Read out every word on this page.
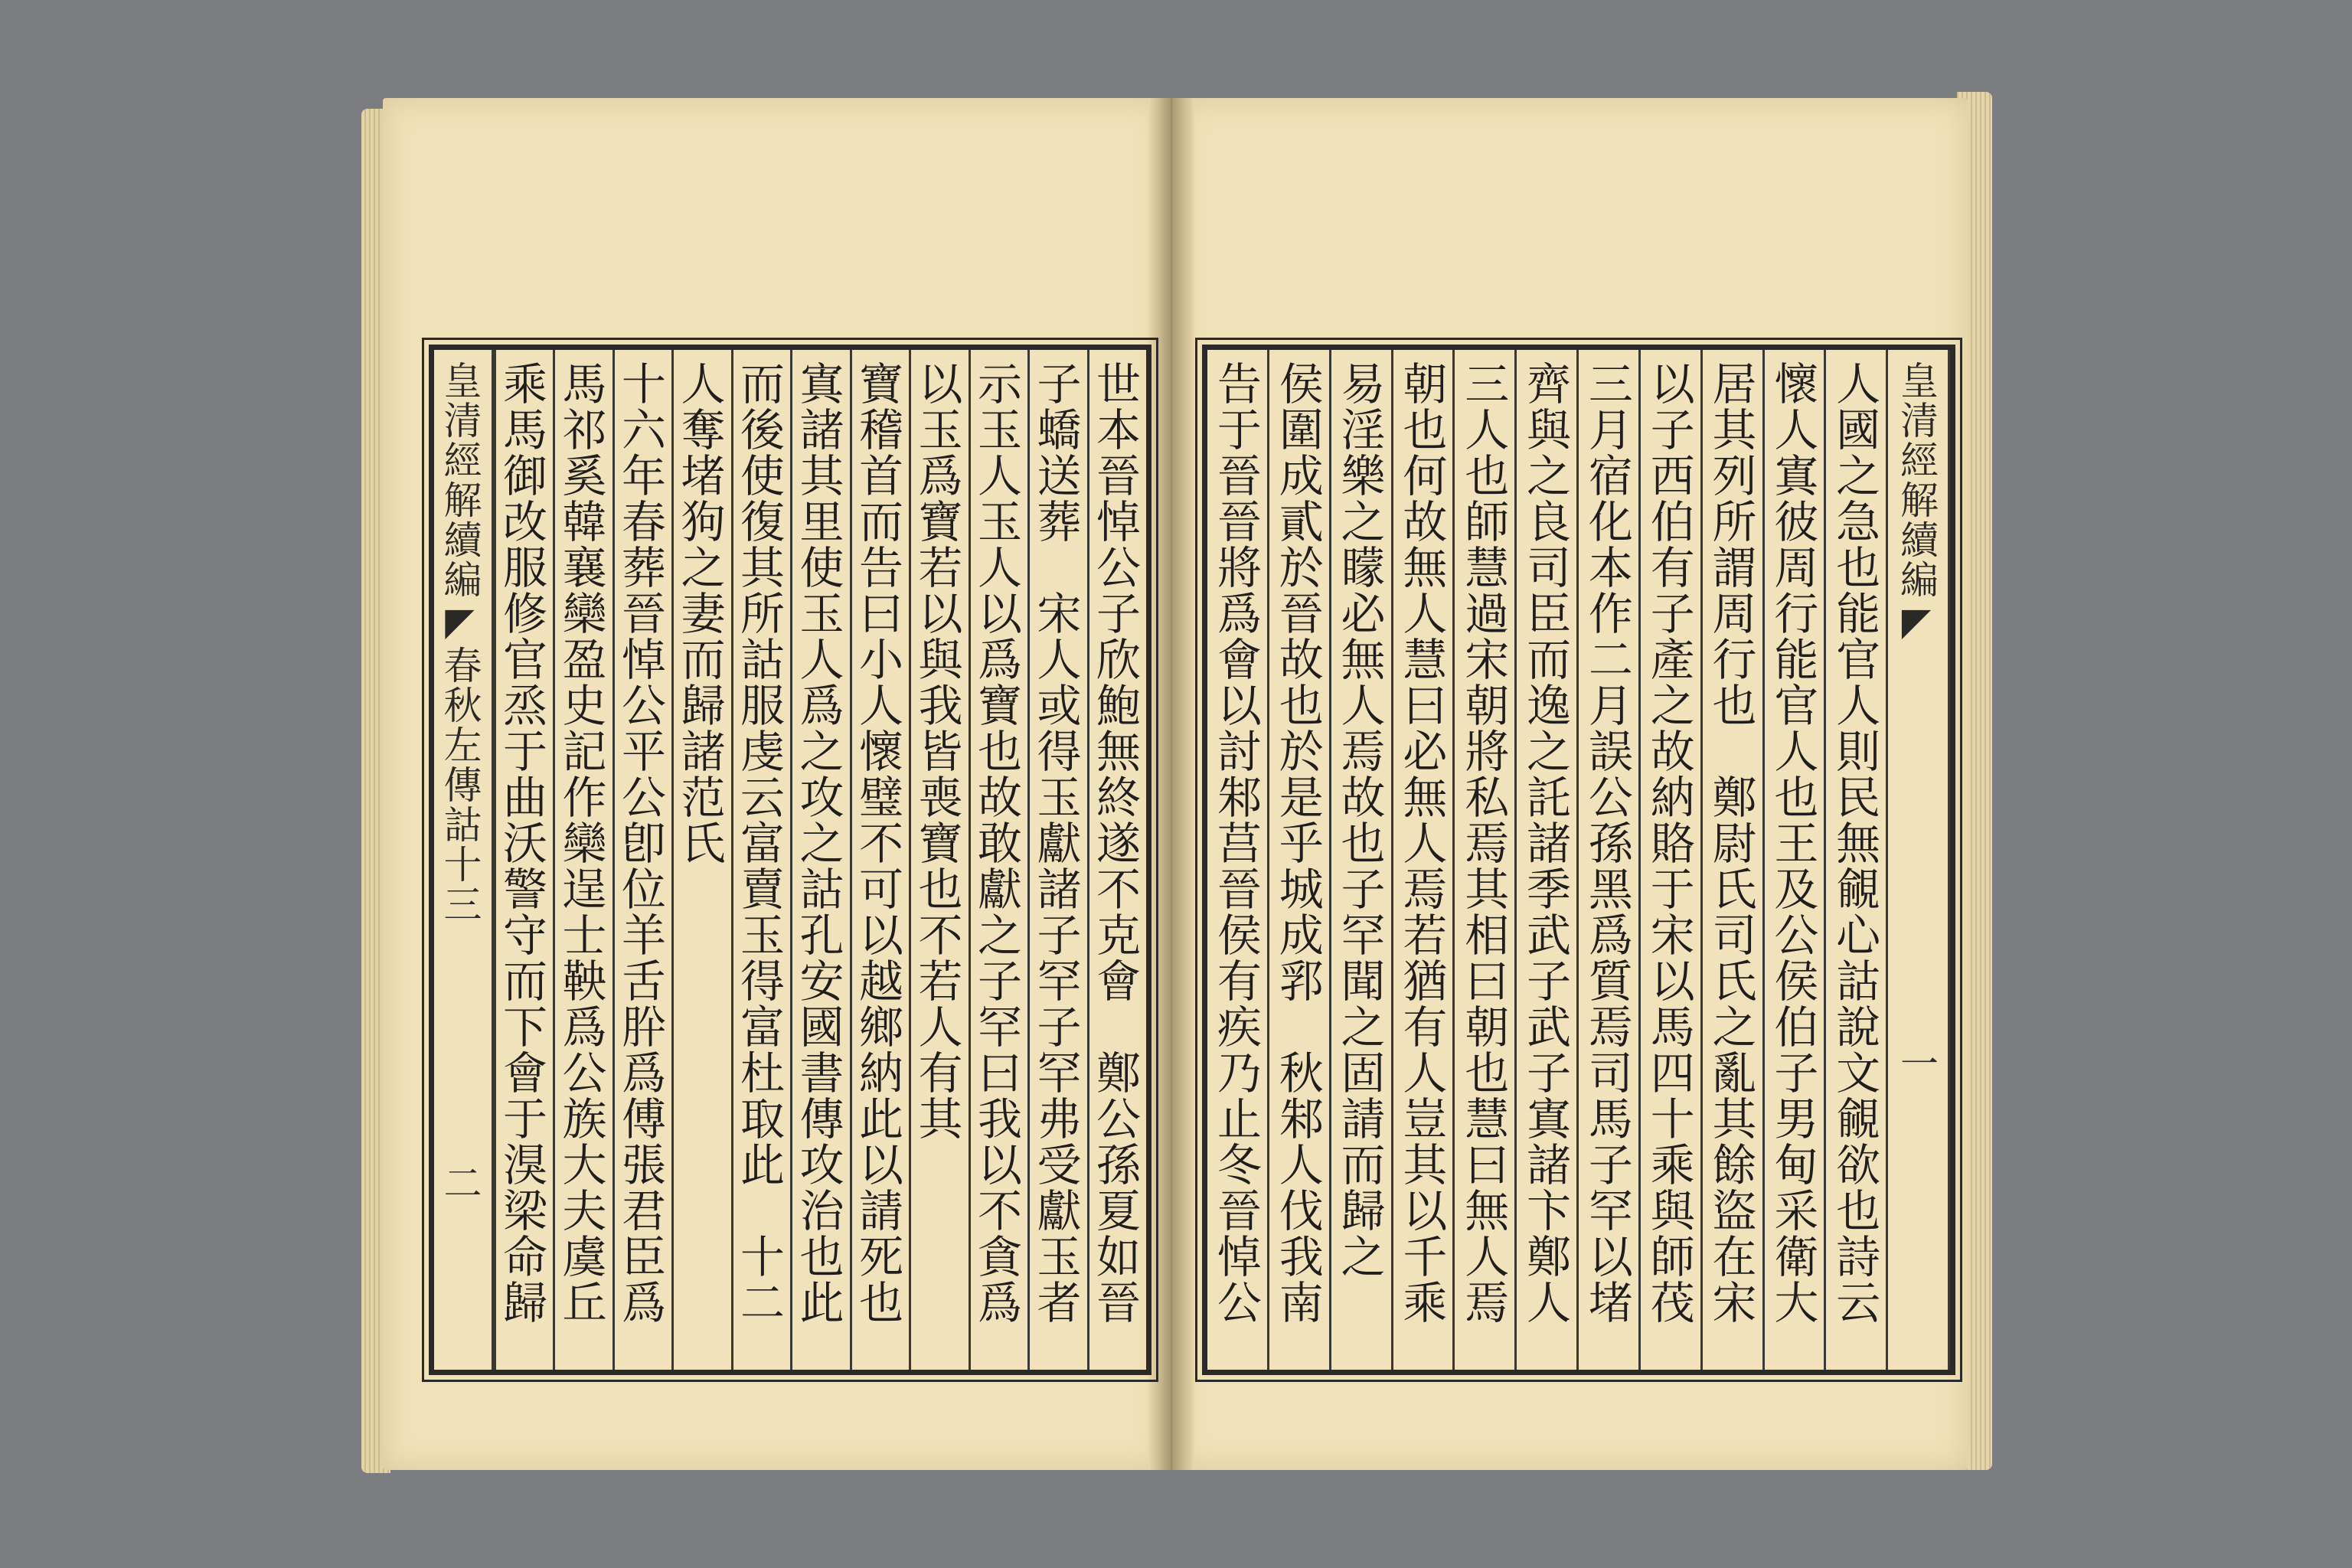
世本晉悼公子欣鮑無終遂不克會　鄭公孫夏如晉
子蟜送葬　宋人或得玉獻諸子罕子罕弗受獻玉者
示玉人玉人以爲寶也故敢獻之子罕曰我以不貪爲
以玉爲寶若以與我皆喪寶也不若人有其
寶稽首而告曰小人懷璧不可以越鄉納此以請死也
寘諸其里使玉人爲之攻之詁孔安國書傳攻治也此
而後使復其所詁服虔云富賣玉得富杜取此　十二
人奪堵狗之妻而歸諸范氏
十六年春葬晉悼公平公卽位羊舌肸爲傅張君臣爲
馬祁奚韓襄欒盈史記作欒逞士鞅爲公族大夫虞丘
乘馬御改服修官烝于曲沃警守而下會于湨梁命歸
皇清經解續編◤春秋左傳詁十三　　　　　　二
皇清經解續編◤　　　　　　　　　　一
人國之急也能官人則民無覦心詁說文覦欲也詩云
懷人寘彼周行能官人也王及公侯伯子男甸采衛大
居其列所謂周行也　鄭尉氏司氏之亂其餘盜在宋
以子西伯有子產之故納賂于宋以馬四十乘與師茷
三月宿化本作二月誤公孫黑爲質焉司馬子罕以堵
齊與之良司臣而逸之託諸季武子武子寘諸卞鄭人
三人也師慧過宋朝將私焉其相曰朝也慧曰無人焉
朝也何故無人慧曰必無人焉若猶有人豈其以千乘
易淫樂之矇必無人焉故也子罕聞之固請而歸之　
侯圍成貳於晉故也於是乎城成郛　秋邾人伐我南
告于晉晉將爲會以討邾莒晉侯有疾乃止冬晉悼公
